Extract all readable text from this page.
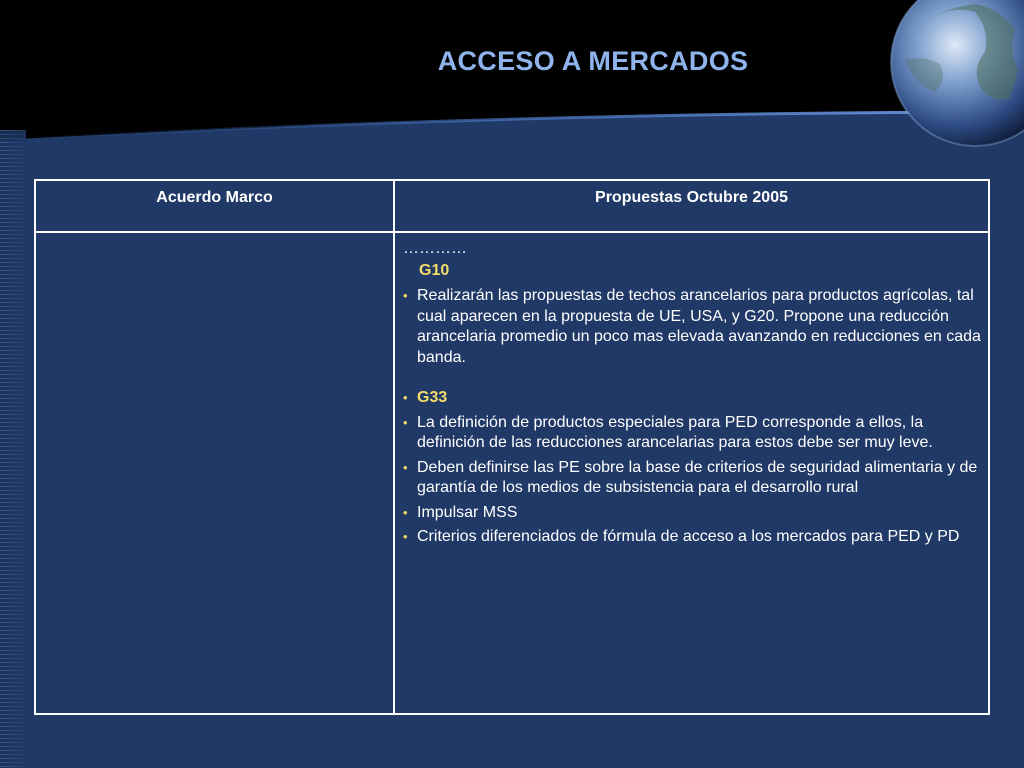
ACCESO A MERCADOS
Acuerdo Marco	Propuestas Octubre 2005

…………

G10

• Realizarán las propuestas de techos arancelarios para productos agrícolas, tal cual aparecen en la propuesta de UE, USA, y G20. Propone una reducción arancelaria promedio un poco mas elevada avanzando en reducciones en cada banda.

• G33

• La definición de productos especiales para PED corresponde a ellos, la definición de las reducciones arancelarias para estos debe ser muy leve.

• Deben definirse las PE sobre la base de criterios de seguridad alimentaria y de garantía de los medios de subsistencia para el desarrollo rural

• Impulsar MSS

• Criterios diferenciados de fórmula de acceso a los mercados para PED y PD
